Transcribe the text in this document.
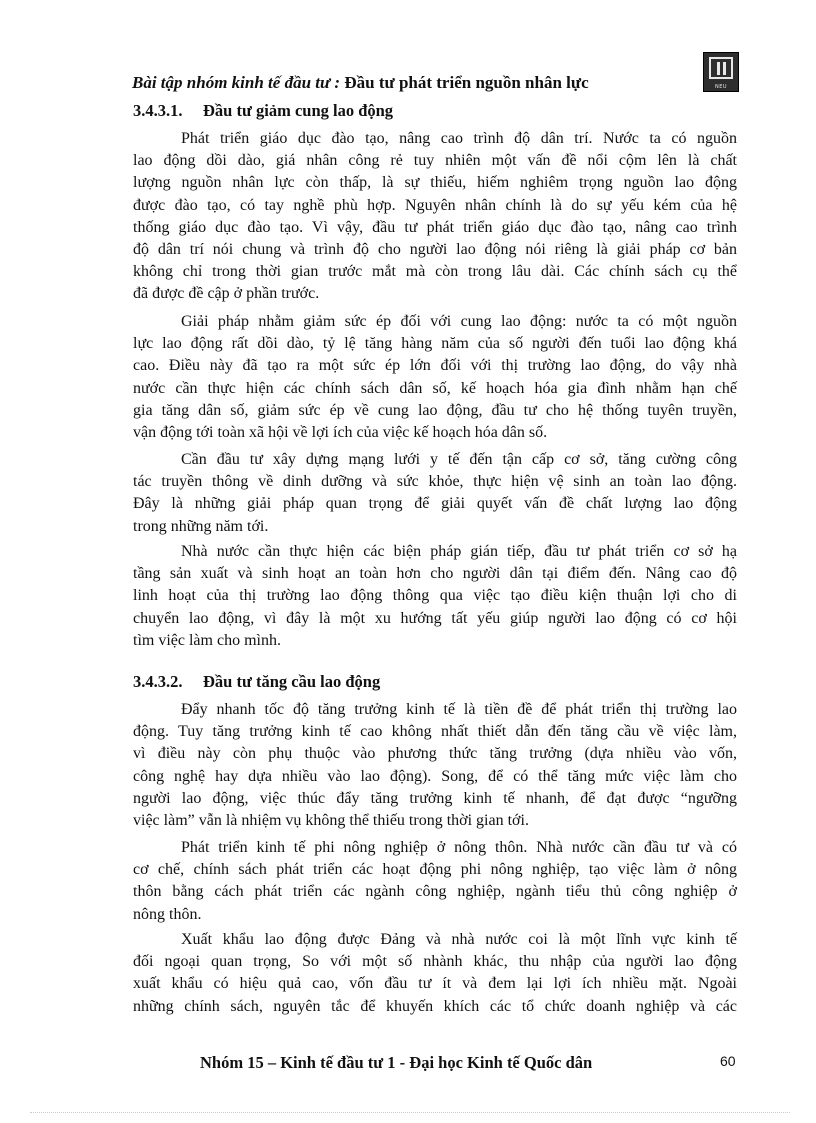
Bài tập nhóm kinh tế đầu tư : Đầu tư phát triển nguồn nhân lực	NEU
3.4.3.1. Đầu tư giảm cung lao động
Phát triển giáo dục đào tạo, nâng cao trình độ dân trí. Nước ta có nguồn
lao động dồi dào, giá nhân công rẻ tuy nhiên một vấn đề nổi cộm lên là chất
lượng nguồn nhân lực còn thấp, là sự thiếu, hiếm nghiêm trọng nguồn lao động
được đào tạo, có tay nghề phù hợp. Nguyên nhân chính là do sự yếu kém của hệ
thống giáo dục đào tạo. Vì vậy, đầu tư phát triển giáo dục đào tạo, nâng cao trình
độ dân trí nói chung và trình độ cho người lao động nói riêng là giải pháp cơ bản
không chỉ trong thời gian trước mắt mà còn trong lâu dài. Các chính sách cụ thể
đã được đề cập ở phần trước.
Giải pháp nhằm giảm sức ép đối với cung lao động: nước ta có một nguồn
lực lao động rất dồi dào, tỷ lệ tăng hàng năm của số người đến tuổi lao động khá
cao. Điều này đã tạo ra một sức ép lớn đối với thị trường lao động, do vậy nhà
nước cần thực hiện các chính sách dân số, kế hoạch hóa gia đình nhằm hạn chế
gia tăng dân số, giảm sức ép về cung lao động, đầu tư cho hệ thống tuyên truyền,
vận động tới toàn xã hội về lợi ích của việc kế hoạch hóa dân số.
Cần đầu tư xây dựng mạng lưới y tế đến tận cấp cơ sở, tăng cường công
tác truyền thông về dinh dưỡng và sức khỏe, thực hiện vệ sinh an toàn lao động.
Đây là những giải pháp quan trọng để giải quyết vấn đề chất lượng lao động
trong những năm tới.
Nhà nước cần thực hiện các biện pháp gián tiếp, đầu tư phát triển cơ sở hạ
tầng sản xuất và sinh hoạt an toàn hơn cho người dân tại điểm đến. Nâng cao độ
linh hoạt của thị trường lao động thông qua việc tạo điều kiện thuận lợi cho di
chuyển lao động, vì đây là một xu hướng tất yếu giúp người lao động có cơ hội
tìm việc làm cho mình.
3.4.3.2. Đầu tư tăng cầu lao động
Đẩy nhanh tốc độ tăng trưởng kinh tế là tiền đề để phát triển thị trường lao
động. Tuy tăng trưởng kinh tế cao không nhất thiết dẫn đến tăng cầu về việc làm,
vì điều này còn phụ thuộc vào phương thức tăng trưởng (dựa nhiều vào vốn,
công nghệ hay dựa nhiều vào lao động). Song, để có thể tăng mức việc làm cho
người lao động, việc thúc đẩy tăng trưởng kinh tế nhanh, để đạt được “ngưỡng
việc làm” vẫn là nhiệm vụ không thể thiếu trong thời gian tới.
Phát triển kinh tế phi nông nghiệp ở nông thôn. Nhà nước cần đầu tư và có
cơ chế, chính sách phát triển các hoạt động phi nông nghiệp, tạo việc làm ở nông
thôn bằng cách phát triển các ngành công nghiệp, ngành tiểu thủ công nghiệp ở
nông thôn.
Xuất khẩu lao động được Đảng và nhà nước coi là một lĩnh vực kinh tế
đối ngoại quan trọng, So với một số nhành khác, thu nhập của người lao động
xuất khẩu có hiệu quả cao, vốn đầu tư ít và đem lại lợi ích nhiều mặt. Ngoài
những chính sách, nguyên tắc để khuyến khích các tổ chức doanh nghiệp và các
Nhóm 15 – Kinh tế đầu tư 1 - Đại học Kinh tế Quốc dân	60
